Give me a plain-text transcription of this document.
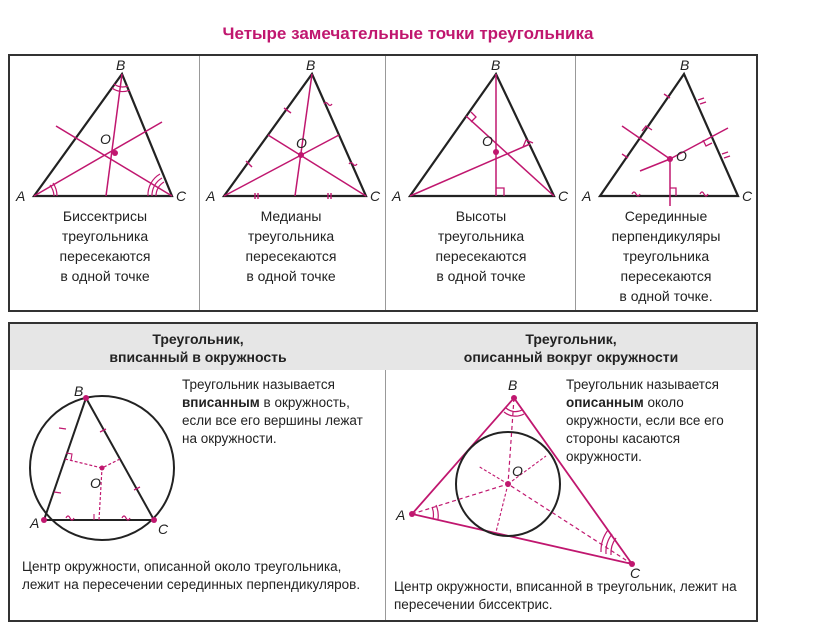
Четыре замечательные точки треугольника
A
B
C
O
Биссектрисы
треугольника
пересекаются
в одной точке
A
B
C
O
Медианы
треугольника
пересекаются
в одной точке
A
B
C
O
Высоты
треугольника
пересекаются
в одной точке
A
B
C
O
Серединные
перпендикуляры
треугольника
пересекаются
в одной точке.
Треугольник,
вписанный в окружность
A
B
C
O
Треугольник называется вписанным в окружность, если все его вершины лежат на окружности.
Центр окружности, описанной около треугольника, лежит на пересечении серединных перпендикуляров.
Треугольник,
описанный вокруг окружности
A
B
C
O
Треугольник называется описанным около окружности, если все его стороны касаются окружности.
Центр окружности, вписанной в треугольник, лежит на пересечении биссектрис.
